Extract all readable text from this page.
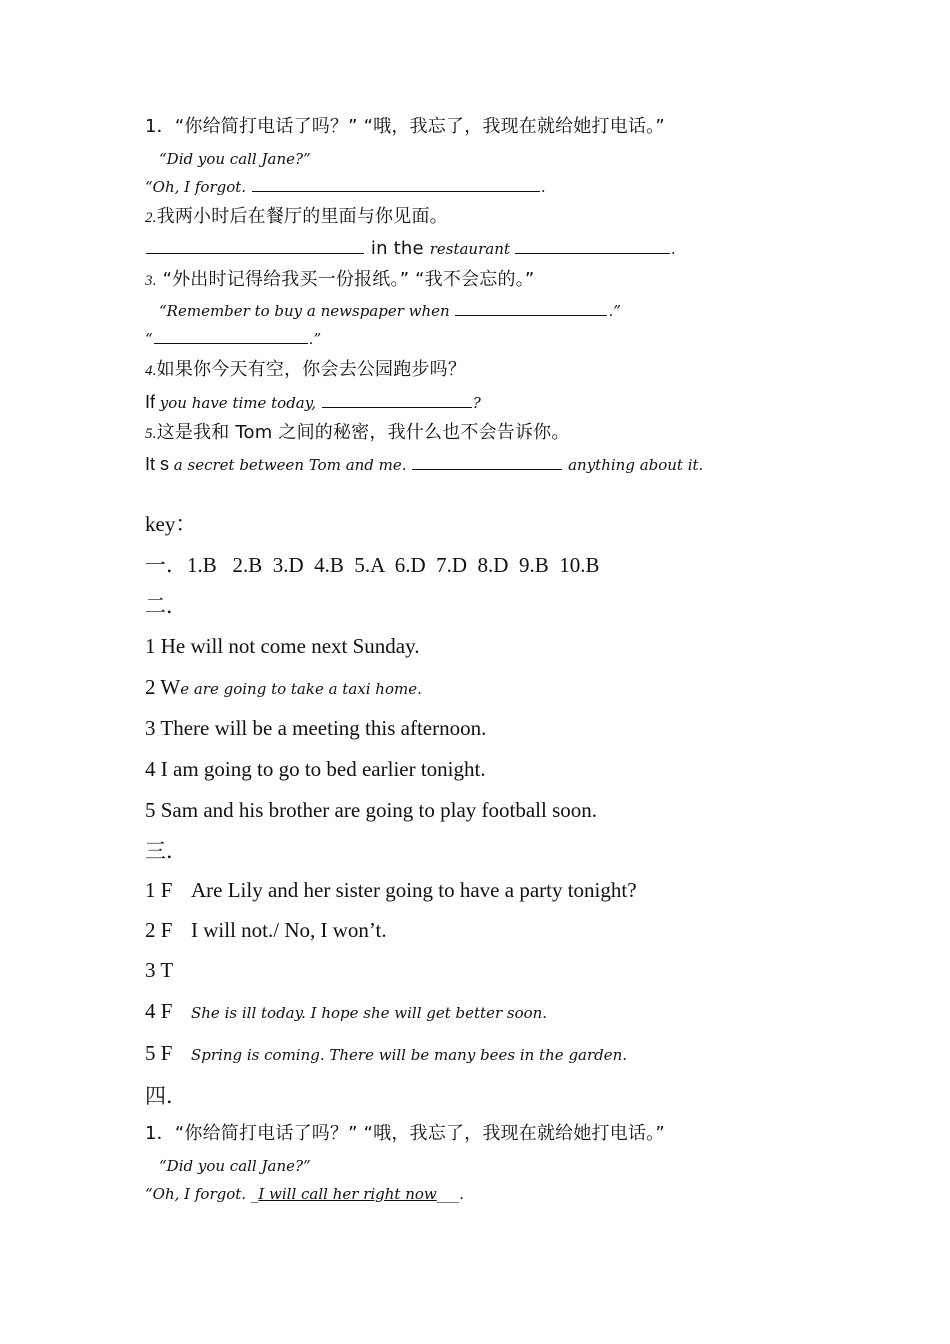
1．“你给简打电话了吗？” “哦，我忘了，我现在就给她打电话。”
“Did you call Jane?”
“Oh, I forgot.	.
2.我两小时后在餐厅的里面与你见面。
in the restaurant	.
3. “外出时记得给我买一份报纸。” “我不会忘的。”
“Remember to buy a newspaper when	.”
“	.”
4.如果你今天有空，你会去公园跑步吗？
If you have time today,	?
5.这是我和 Tom 之间的秘密，我什么也不会告诉你。
It s a secret between Tom and me.	anything about it.
key：
一．1.B   2.B  3.D  4.B  5.A  6.D  7.D  8.D  9.B  10.B
二．
1 He will not come next Sunday.
2 We are going to take a taxi home.
3 There will be a meeting this afternoon.
4 I am going to go to bed earlier tonight.
5 Sam and his brother are going to play football soon.
三．
1 F Are Lily and her sister going to have a party tonight?
2 F I will not./ No, I won’t.
3 T
4 F She is ill today. I hope she will get better soon.
5 F Spring is coming. There will be many bees in the garden.
四．
1．“你给简打电话了吗？” “哦，我忘了，我现在就给她打电话。”
“Did you call Jane?”
“Oh, I forgot. _I will call her right now___.
